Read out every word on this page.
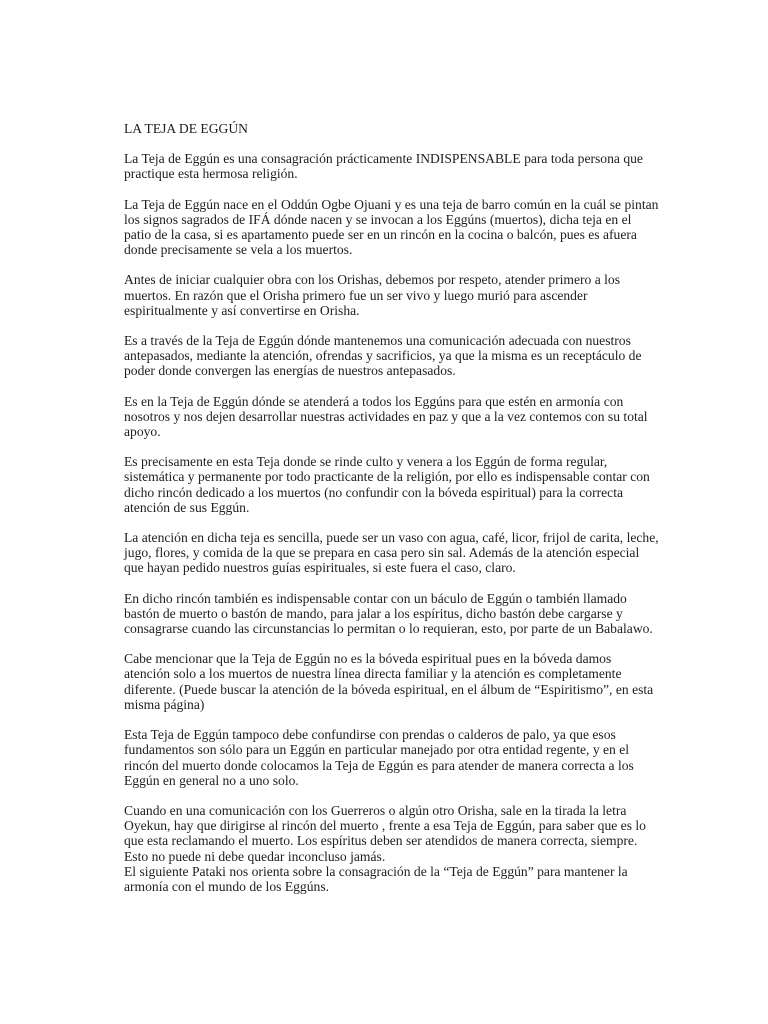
LA TEJA DE EGGÚN

La Teja de Eggún es una consagración prácticamente INDISPENSABLE para toda persona que practique esta hermosa religión.

La Teja de Eggún nace en el Oddún Ogbe Ojuani y es una teja de barro común en la cuál se pintan los signos sagrados de IFÁ dónde nacen y se invocan a los Eggúns (muertos), dicha teja en el patio de la casa, si es apartamento puede ser en un rincón en la cocina o balcón, pues es afuera donde precisamente se vela a los muertos.

Antes de iniciar cualquier obra con los Orishas, debemos por respeto, atender primero a los muertos. En razón que el Orisha primero fue un ser vivo y luego murió para ascender espiritualmente y así convertirse en Orisha.

Es a través de la Teja de Eggún dónde mantenemos una comunicación adecuada con nuestros antepasados, mediante la atención, ofrendas y sacrificios, ya que la misma es un receptáculo de poder donde convergen las energías de nuestros antepasados.

Es en la Teja de Eggún dónde se atenderá a todos los Eggúns para que estén en armonía con nosotros y nos dejen desarrollar nuestras actividades en paz y que a la vez contemos con su total apoyo.

Es precisamente en esta Teja donde se rinde culto y venera a los Eggún de forma regular, sistemática y permanente por todo practicante de la religión, por ello es indispensable contar con dicho rincón dedicado a los muertos (no confundir con la bóveda espiritual) para la correcta atención de sus Eggún.

La atención en dicha teja es sencilla, puede ser un vaso con agua, café, licor, frijol de carita, leche, jugo, flores, y comida de la que se prepara en casa pero sin sal. Además de la atención especial que hayan pedido nuestros guías espirituales, si este fuera el caso, claro.

En dicho rincón también es indispensable contar con un báculo de Eggún o también llamado bastón de muerto o bastón de mando, para jalar a los espíritus, dicho bastón debe cargarse y consagrarse cuando las circunstancias lo permitan o lo requieran, esto, por parte de un Babalawo.

Cabe mencionar que la Teja de Eggún no es la bóveda espiritual pues en la bóveda damos atención solo a los muertos de nuestra línea directa familiar y la atención es completamente diferente. (Puede buscar la atención de la bóveda espiritual, en el álbum de “Espiritismo”, en esta misma página)

Esta Teja de Eggún tampoco debe confundirse con prendas o calderos de palo, ya que esos fundamentos son sólo para un Eggún en particular manejado por otra entidad regente, y en el rincón del muerto donde colocamos la Teja de Eggún es para atender de manera correcta a los Eggún en general no a uno solo.

Cuando en una comunicación con los Guerreros o algún otro Orisha, sale en la tirada la letra Oyekun, hay que dirigirse al rincón del muerto , frente a esa Teja de Eggún, para saber que es lo que esta reclamando el muerto. Los espíritus deben ser atendidos de manera correcta, siempre. Esto no puede ni debe quedar inconcluso jamás.

El siguiente Pataki nos orienta sobre la consagración de la “Teja de Eggún” para mantener la armonía con el mundo de los Eggúns.
